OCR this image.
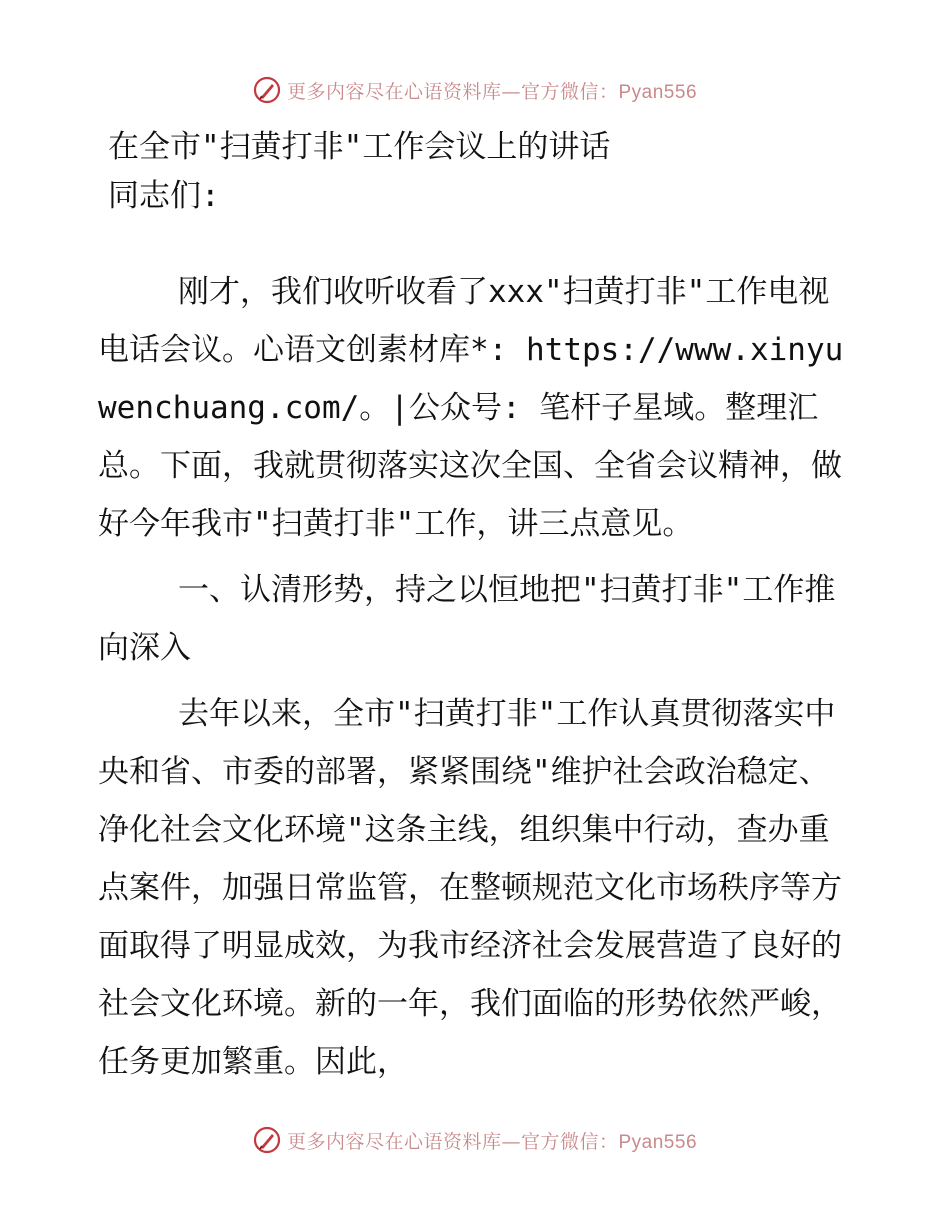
更多内容尽在心语资料库—官方微信：Pyan556
在全市"扫黄打非"工作会议上的讲话
同志们:

刚才，我们收听收看了xxx"扫黄打非"工作电视电话会议。心语文创素材库*: https://www.xinyuwenchuang.com/。|公众号: 笔杆子星域。整理汇总。下面，我就贯彻落实这次全国、全省会议精神，做好今年我市"扫黄打非"工作，讲三点意见。

一、认清形势，持之以恒地把"扫黄打非"工作推向深入

去年以来，全市"扫黄打非"工作认真贯彻落实中央和省、市委的部署，紧紧围绕"维护社会政治稳定、净化社会文化环境"这条主线，组织集中行动，查办重点案件，加强日常监管，在整顿规范文化市场秩序等方面取得了明显成效，为我市经济社会发展营造了良好的社会文化环境。新的一年，我们面临的形势依然严峻，任务更加繁重。因此，

更多内容尽在心语资料库—官方微信：Pyan556
